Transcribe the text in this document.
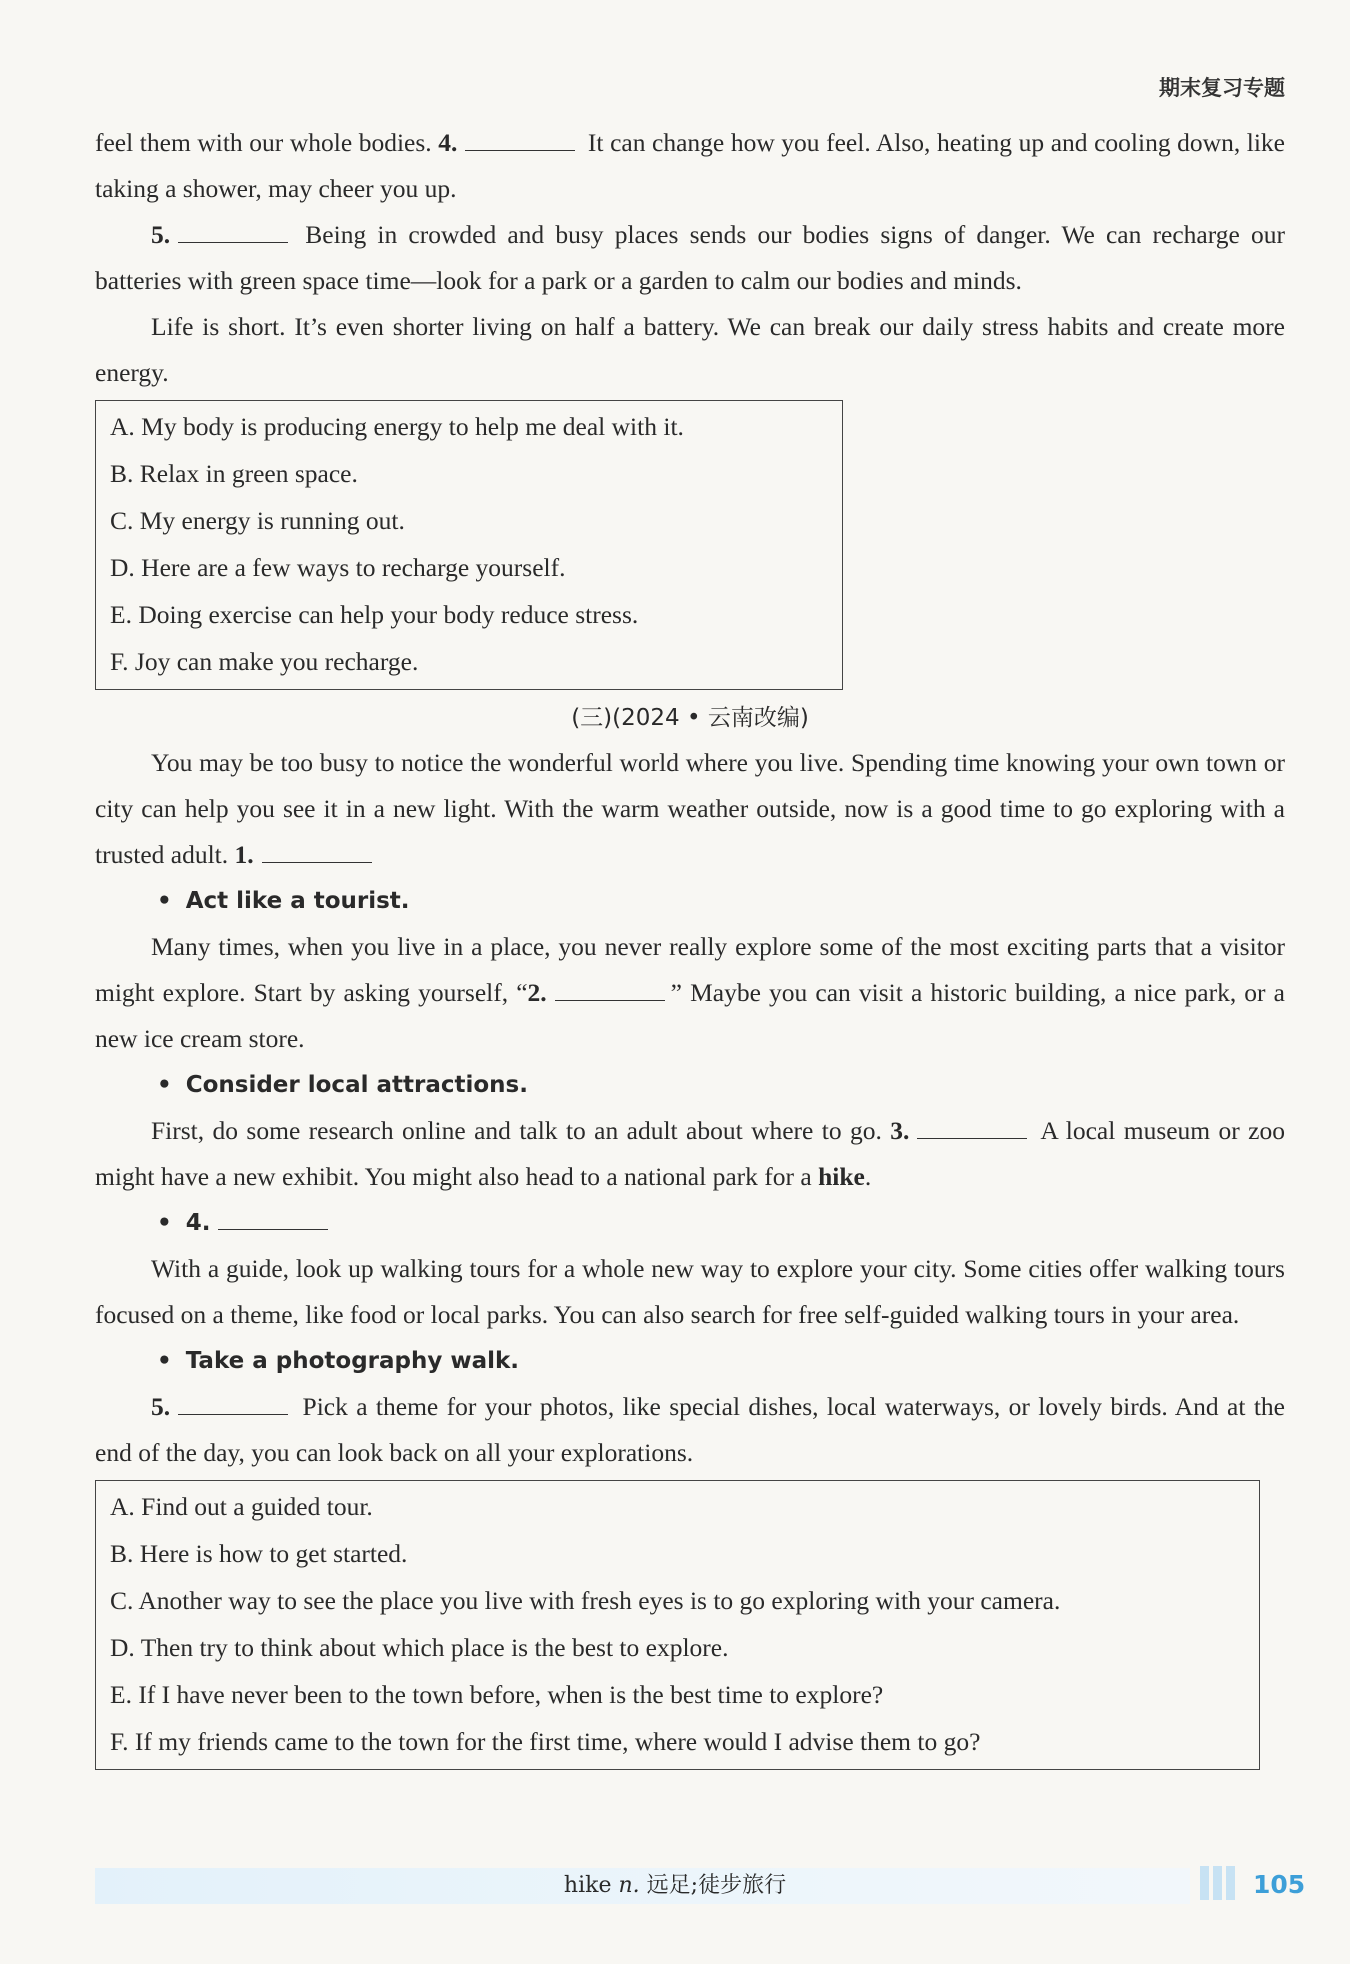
期末复习专题

feel them with our whole bodies. 4.	It can change how you feel. Also, heating up and cooling down, like taking a shower, may cheer you up.

5.	Being in crowded and busy places sends our bodies signs of danger. We can recharge our batteries with green space time—look for a park or a garden to calm our bodies and minds.

Life is short. It’s even shorter living on half a battery. We can break our daily stress habits and create more energy.

A. My body is producing energy to help me deal with it.
B. Relax in green space.
C. My energy is running out.
D. Here are a few ways to recharge yourself.
E. Doing exercise can help your body reduce stress.
F. Joy can make you recharge.
(三)(2024 • 云南改编)

You may be too busy to notice the wonderful world where you live. Spending time knowing your own town or city can help you see it in a new light. With the warm weather outside, now is a good time to go exploring with a trusted adult. 1.

• Act like a tourist.

Many times, when you live in a place, you never really explore some of the most exciting parts that a visitor might explore. Start by asking yourself, “2.	” Maybe you can visit a historic building, a nice park, or a new ice cream store.

• Consider local attractions.

First, do some research online and talk to an adult about where to go. 3.	A local museum or zoo might have a new exhibit. You might also head to a national park for a hike.

• 4.

With a guide, look up walking tours for a whole new way to explore your city. Some cities offer walking tours focused on a theme, like food or local parks. You can also search for free self-guided walking tours in your area.

• Take a photography walk.

5.	Pick a theme for your photos, like special dishes, local waterways, or lovely birds. And at the end of the day, you can look back on all your explorations.

A. Find out a guided tour.
B. Here is how to get started.
C. Another way to see the place you live with fresh eyes is to go exploring with your camera.
D. Then try to think about which place is the best to explore.
E. If I have never been to the town before, when is the best time to explore?
F. If my friends came to the town for the first time, where would I advise them to go?
hike n. 远足;徒步旅行	105
